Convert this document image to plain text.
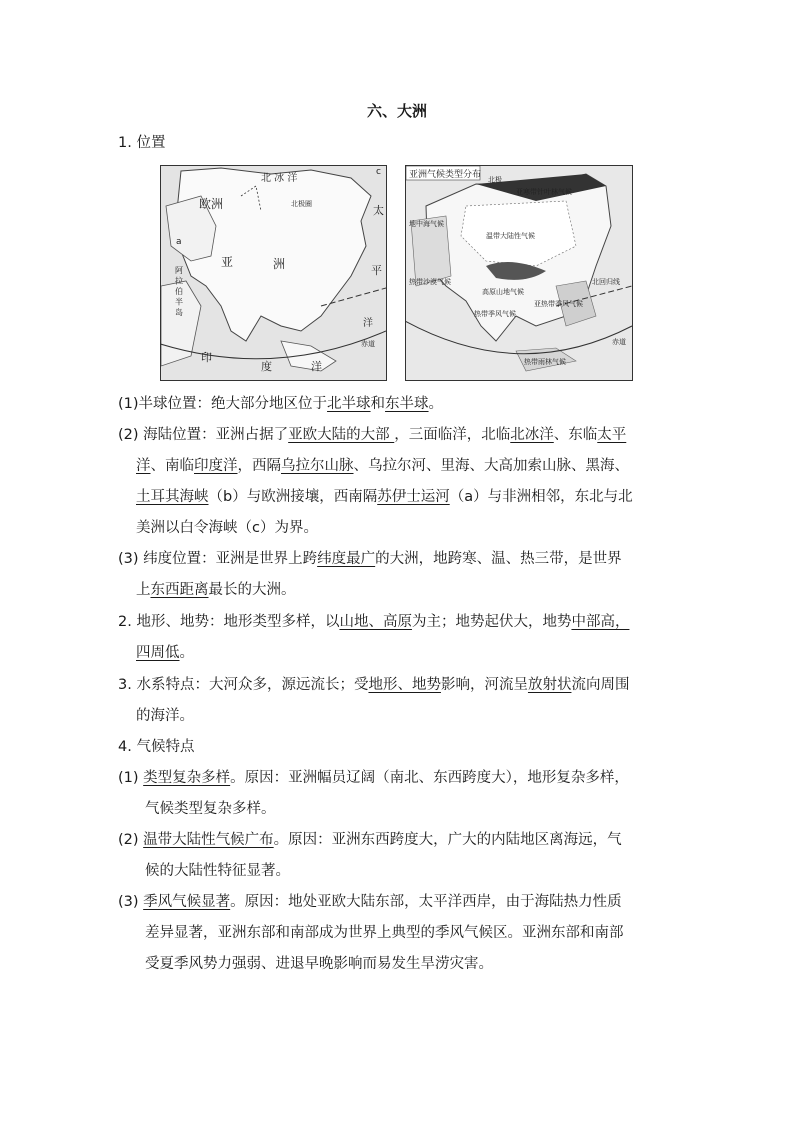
六、大洲
1. 位置
北 冰 洋
欧洲
亚	洲
太
平
洋
印
度	洋
a
c
北极圈
赤道
阿 拉 伯 半 岛
亚洲气候类型分布 北极
亚寒带针叶林气候
地中海气候
温带大陆性气候
高原山地气候
热带沙漠气候
热带季风气候
亚热带季风气候
热带雨林气候
北回归线
赤道
(1)半球位置：绝大部分地区位于北半球和东半球。
(2) 海陆位置：亚洲占据了亚欧大陆的大部 ，三面临洋，北临北冰洋、东临太平
洋、南临印度洋，西隔乌拉尔山脉、乌拉尔河、里海、大高加索山脉、黑海、
土耳其海峡（b）与欧洲接壤，西南隔苏伊士运河（a）与非洲相邻，东北与北
美洲以白令海峡（c）为界。
(3) 纬度位置：亚洲是世界上跨纬度最广的大洲，地跨寒、温、热三带，是世界
上东西距离最长的大洲。
2. 地形、地势：地形类型多样，以山地、高原为主；地势起伏大，地势中部高，
四周低。
3. 水系特点：大河众多，源远流长；受地形、地势影响，河流呈放射状流向周围
的海洋。
4. 气候特点
(1) 类型复杂多样。原因：亚洲幅员辽阔（南北、东西跨度大），地形复杂多样，
气候类型复杂多样。
(2) 温带大陆性气候广布。原因：亚洲东西跨度大，广大的内陆地区离海远，气
候的大陆性特征显著。
(3) 季风气候显著。原因：地处亚欧大陆东部，太平洋西岸，由于海陆热力性质
差异显著，亚洲东部和南部成为世界上典型的季风气候区。亚洲东部和南部
受夏季风势力强弱、进退早晚影响而易发生旱涝灾害。
